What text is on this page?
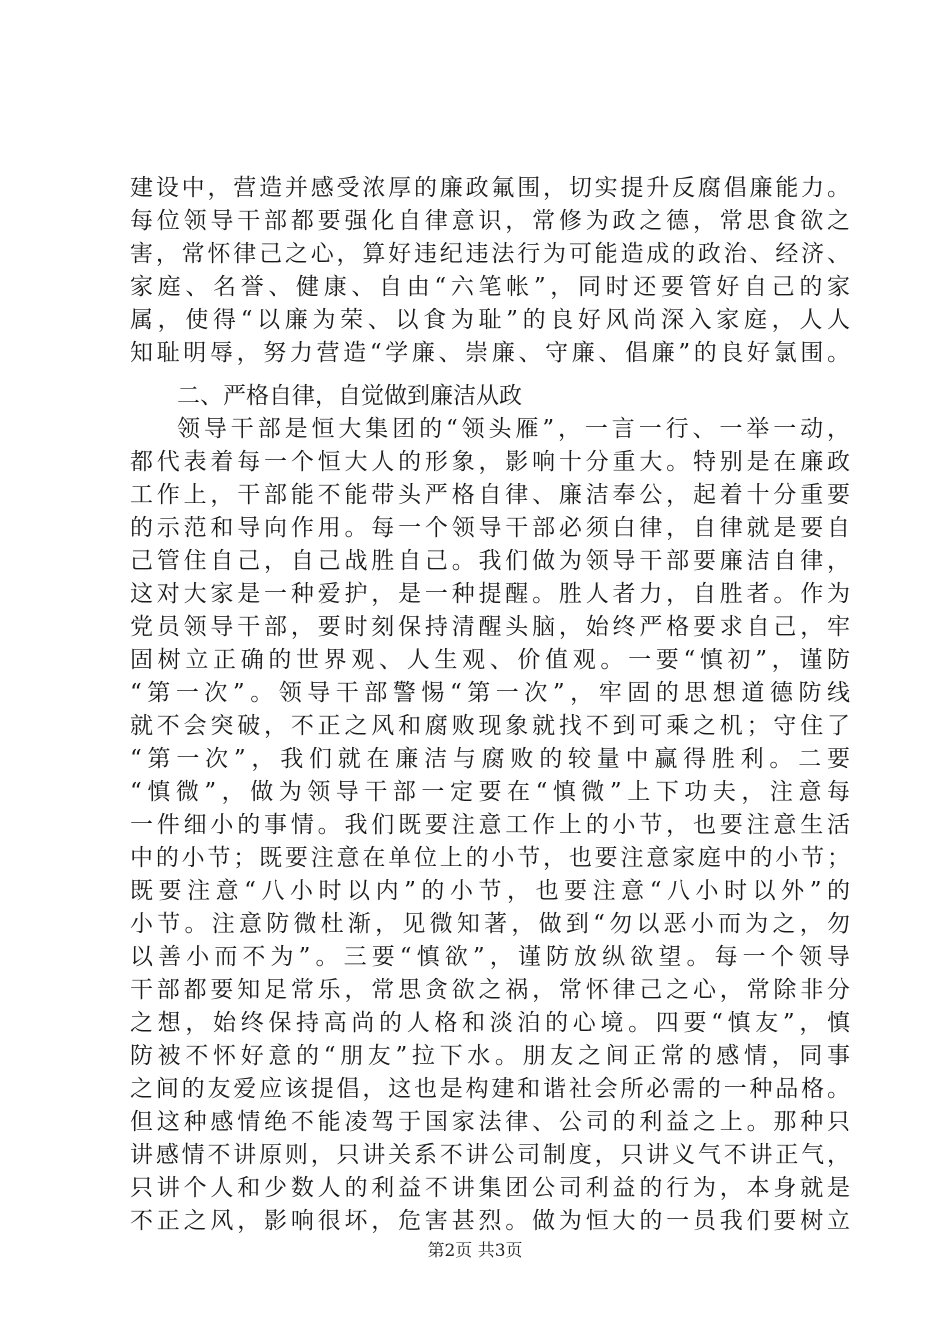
建设中，营造并感受浓厚的廉政氟围，切实提升反腐倡廉能力。
每位领导干部都要强化自律意识，常修为政之德，常思食欲之
害，常怀律己之心，算好违纪违法行为可能造成的政治、经济、
家庭、名誉、健康、自由“六笔帐”，同时还要管好自己的家
属，使得“以廉为荣、以食为耻”的良好风尚深入家庭，人人
知耻明辱，努力营造“学廉、崇廉、守廉、倡廉”的良好氯围。
二、严格自律，自觉做到廉洁从政
领导干部是恒大集团的“领头雁”，一言一行、一举一动，
都代表着每一个恒大人的形象，影响十分重大。特别是在廉政
工作上，干部能不能带头严格自律、廉洁奉公，起着十分重要
的示范和导向作用。每一个领导干部必须白律，自律就是要自
己管住自己，自己战胜自己。我们做为领导干部要廉洁自律，
这对大家是一种爱护，是一种提醒。胜人者力，自胜者。作为
党员领导干部，要时刻保持清醒头脑，始终严格要求自己，牢
固树立正确的世界观、人生观、价值观。一要“慎初”，谨防
“第一次”。领导干部警惕“第一次”，牢固的思想道德防线
就不会突破，不正之风和腐败现象就找不到可乘之机；守住了
“第一次”，我们就在廉洁与腐败的较量中赢得胜利。二要
“慎微”，做为领导干部一定要在“慎微”上下功夫，注意每
一件细小的事情。我们既要注意工作上的小节，也要注意生活
中的小节；既要注意在单位上的小节，也要注意家庭中的小节；
既要注意“八小时以内”的小节，也要注意“八小时以外”的
小节。注意防微杜渐，见微知著，做到“勿以恶小而为之，勿
以善小而不为”。三要“慎欲”，谨防放纵欲望。每一个领导
干部都要知足常乐，常思贪欲之祸，常怀律己之心，常除非分
之想，始终保持高尚的人格和淡泊的心境。四要“慎友”，慎
防被不怀好意的“朋友”拉下水。朋友之间正常的感情，同事
之间的友爱应该提倡，这也是构建和谐社会所必需的一种品格。
但这种感情绝不能凌驾于国家法律、公司的利益之上。那种只
讲感情不讲原则，只讲关系不讲公司制度，只讲义气不讲正气，
只讲个人和少数人的利益不讲集团公司利益的行为，本身就是
不正之风，影响很坏，危害甚烈。做为恒大的一员我们要树立
第2页 共3页
